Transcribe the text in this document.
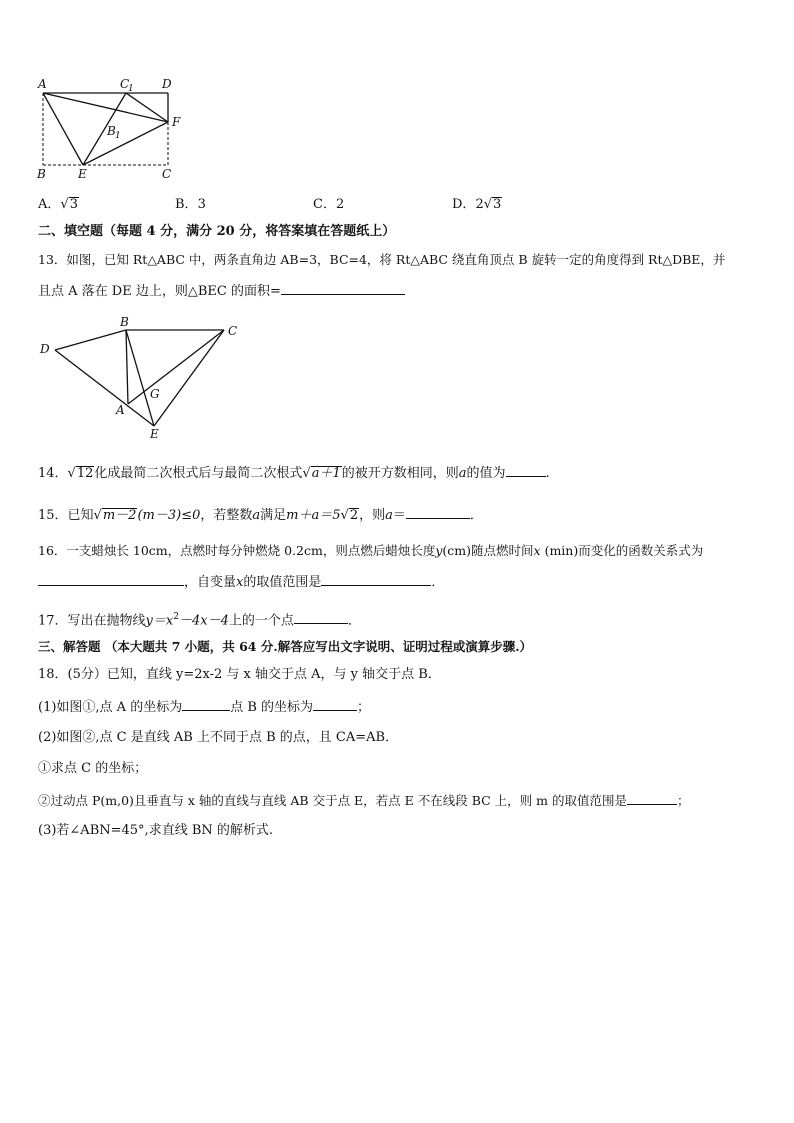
A	C
1 D
B 1
F
B	E	C
A．√3	B．3	C．2	D．2√3
二、填空题（每题 4 分，满分 20 分，将答案填在答题纸上）
13．如图，已知 Rt△ABC 中，两条直角边 AB=3，BC=4，将 Rt△ABC 绕直角顶点 B 旋转一定的角度得到 Rt△DBE，并
且点 A 落在 DE 边上，则△BEC 的面积=
B
C
D
G
A
E
14．√12化成最简二次根式后与最简二次根式√a＋1的被开方数相同，则a的值为	.
15．已知√m－2(m－3)≤0，若整数a满足m＋a＝5√2，则a＝	．
16．一支蜡烛长 10cm，点燃时每分钟燃烧 0.2cm，则点燃后蜡烛长度y(cm)随点燃时间x (min)而变化的函数关系式为
，自变量x的取值范围是	．
17．写出在抛物线$y=x^2-4x-4$上的一个点	．
三、解答题 （本大题共 7 小题，共 64 分.解答应写出文字说明、证明过程或演算步骤.）
18．(5分）已知，直线 y=2x-2 与 x 轴交于点 A，与 y 轴交于点 B．
(1)如图①,点 A 的坐标为	点 B 的坐标为	；
(2)如图②,点 C 是直线 AB 上不同于点 B 的点，且 CA=AB．
①求点 C 的坐标；
②过动点 P(m,0)且垂直与 x 轴的直线与直线 AB 交于点 E，若点 E 不在线段 BC 上，则 m 的取值范围是	；
(3)若∠ABN=45°,求直线 BN 的解析式.
